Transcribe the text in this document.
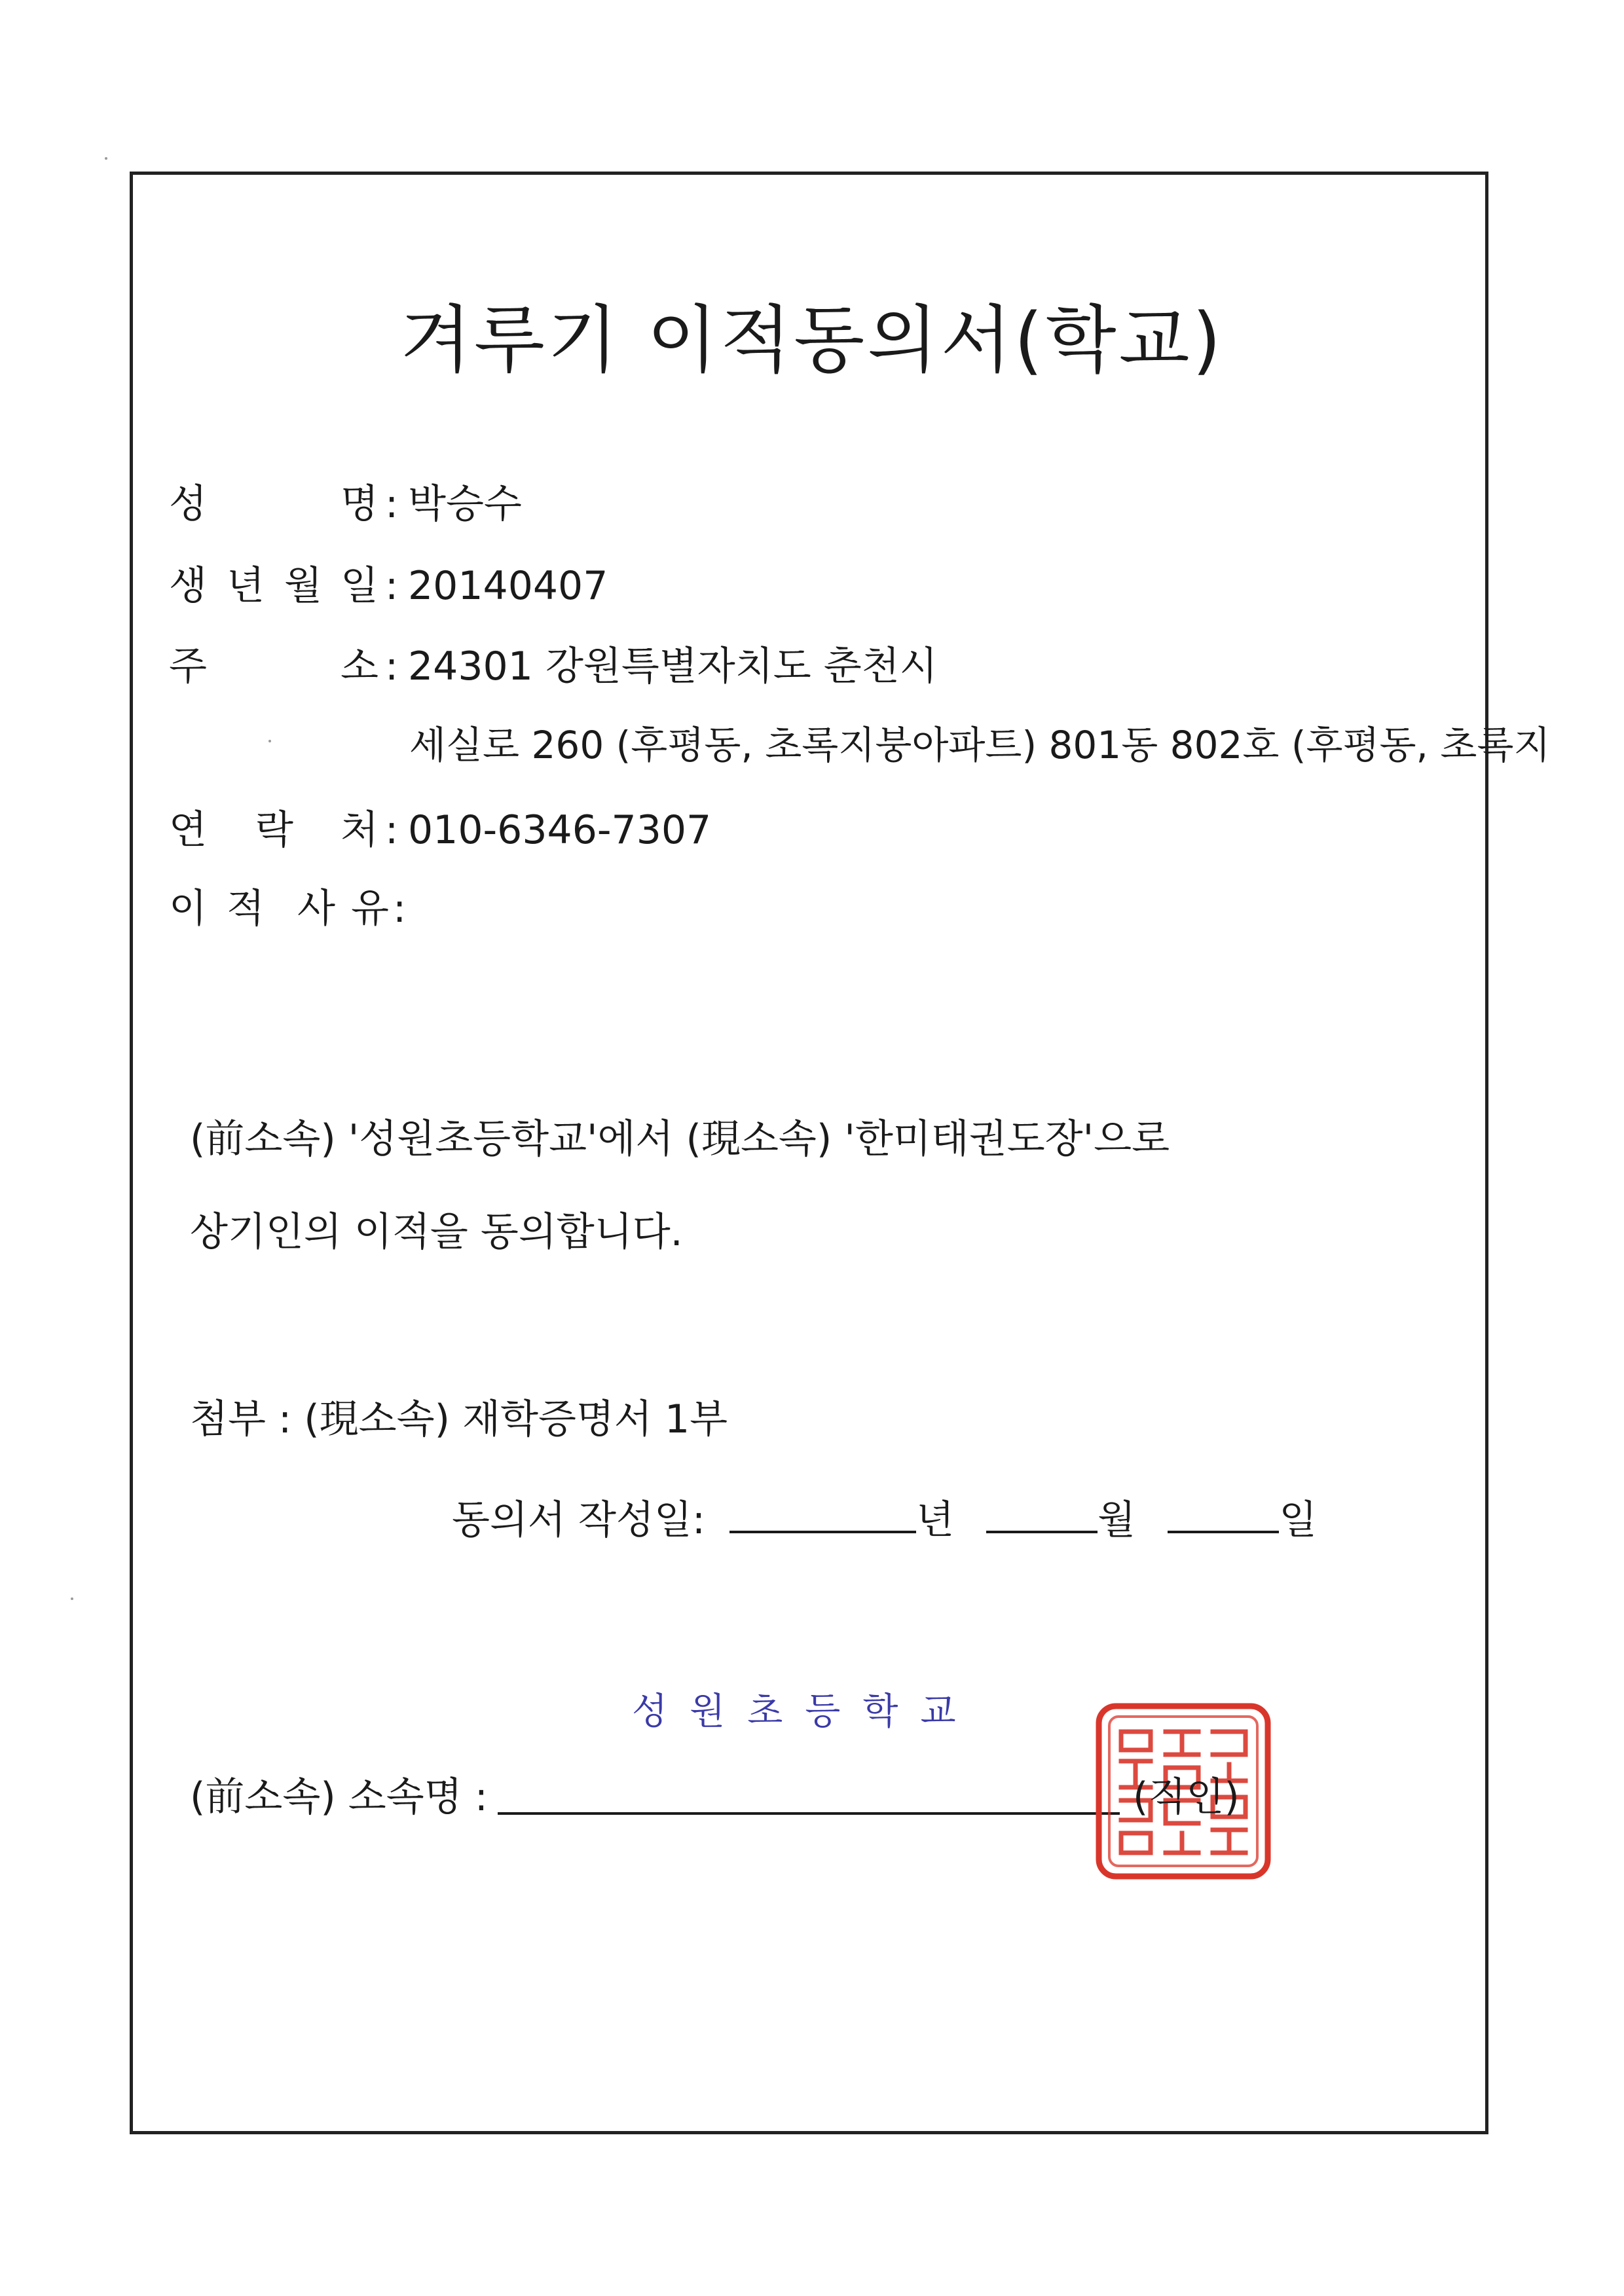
겨루기 이적동의서(학교)
성	명 : 박승수
생 년 월 일 : 20140407
주	소 : 24301 강원특별자치도 춘천시
세실로 260 (후평동, 초록지붕아파트) 801동 802호 (후평동, 초록지
연 락 처 : 010-6346-7307
이 적 사 유 :
(前소속) '성원초등학교'에서 (現소속) '한미태권도장'으로
상기인의 이적을 동의합니다.
첨부 : (現소속) 재학증명서 1부
동의서 작성일:	년	월	일
성원초등학교
(前소속) 소속명 :	(직인)
